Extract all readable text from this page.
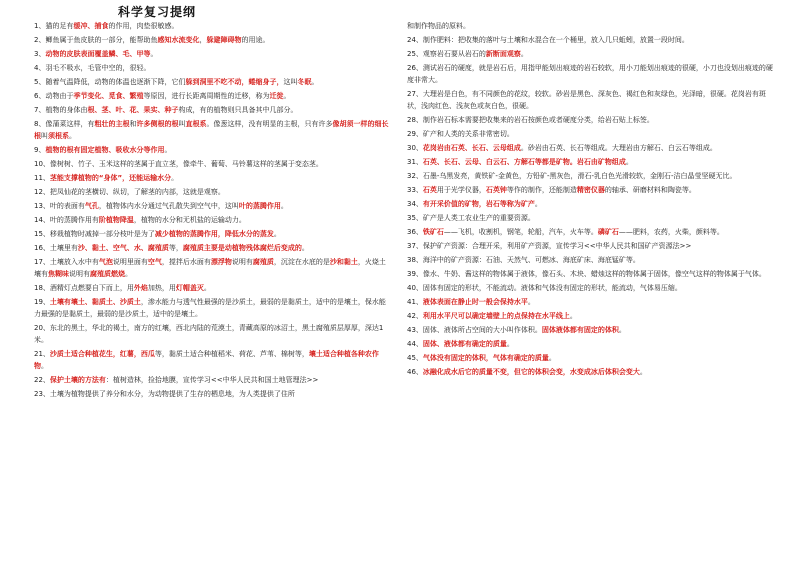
科学复习提纲
1、猫的足有缓冲、捕食的作用，肉垫很敏感。
2、鲫鱼属于鱼皮肤的一部分，能帮助鱼感知水流变化，躲避障碍物的用途。
3、动物的皮肤表面覆盖鳞、毛、甲等。
4、羽毛不吸水，毛管中空的，很轻。
5、随着气温降低，动物的体温也逐渐下降，它们躲到洞里不吃不动，蜷缩身子，这叫冬眠。
6、动物由于季节变化、觅食、繁殖等原因，进行长距离周期性的迁移，称为迁徙。
7、植物的身体由根、茎、叶、花、果实、种子构成，有的植物则只具备其中几部分。
8、像蒲菜这样，有粗壮的主根和许多侧根的根叫直根系。像葱这样，没有明显的主根，只有许多像胡须一样的细长根叫须根系。
9、植物的根有固定植物、吸收水分等作用。
10、像树树、竹子、玉米这样的茎属于直立茎，像牵牛、葡萄、马铃薯这样的茎属于变态茎。
11、茎能支撑植物的“身体”，还能运输水分。
12、把凤仙花的茎横切、纵切，了解茎的内部，这就是观察。
13、叶的表面有气孔，植物体内水分通过气孔散失到空气中，这叫叶的蒸腾作用。
14、叶的蒸腾作用有阶植物降温，植物的水分和无机盐的运输动力。
15、移栽植物时减掉一部分枝叶是为了减少植物的蒸腾作用，降低水分的蒸发。
16、土壤里有沙、黏土、空气、水、腐殖质等，腐殖质主要是动植物残体腐烂后变成的。
17、土壤放入水中有气泡说明里面有空气，搅拌后水面有漂浮物说明有腐殖质，沉淀在水底的是沙和黏土，火烧土壤有焦糊味说明有腐殖质燃烧。
18、酒精灯点燃要自下而上，用外焰加热，用灯帽盖灭。
19、土壤有壤土、黏质土、沙质土，渗水能力与透气性最强的是沙质土，最弱的是黏质土，适中的是壤土，保水能力最强的是黏质土，最弱的是沙质土，适中的是壤土。
20、东北的黑土，华北的褐土，南方的红壤，西北内陆的荒漠土，青藏高原的冰沼土，黑土腐殖质层厚厚，深达1米。
21、沙质土适合种植花生，红薯，西瓜等，黏质土适合种植稻米、荷花、芦苇、棉树等，壤土适合种植各种农作物。
22、保护土壤的方法有：植树造林，捡拾地膜，宣传学习<<中华人民共和国土地管理法>>
23、土壤为植物提供了养分和水分，为动物提供了生存的栖息地，为人类提供了住所
和制作物品的原料。
24、制作肥料：把收集的落叶与土壤和水混合在一个桶里，放入几只蚯蚓，放置一段时间。
25、观察岩石要从岩石的新断面观察。
26、测试岩石的硬度，就是岩石后，用指甲能划出痕迹的岩石较软，用小刀能划出痕迹的很硬，小刀也没划出痕迹的硬度非常大。
27、大理岩是白色，有不同颜色的花纹，较软。砂岩是黑色、深灰色、褐红色和灰绿色，光泽暗，很硬。花岗岩有斑状，浅肉红色、浅灰色或灰白色，很硬。
28、制作岩石标本需要把收集来的岩石按颜色或者硬度分类，给岩石贴上标签。
29、矿产和人类的关系非常密切。
30、花岗岩由石英、长石、云母组成。砂岩由石英、长石等组成。大理岩由方解石、白云石等组成。
31、石英、长石、云母、白云石、方解石等都是矿物。岩石由矿物组成。
32、石墨-乌黑发亮，黄铁矿-金黄色，方铅矿-黑灰色，滑石-乳白色光滑较软，金刚石-洁白晶莹坚硬无比。
33、石英用于光学仪器，石英钟等作的制作，还能制造精密仪器的轴承、研磨材料和陶瓷等。
34、有开采价值的矿物，岩石等称为矿产。
35、矿产是人类工农业生产的重要资源。
36、铁矿石——飞机，收割机，钢笔，轮船，汽车，火车等。磷矿石——肥料，农药，火柴，颜料等。
37、保护矿产资源：合理开采，利用矿产资源，宣传学习<<中华人民共和国矿产资源法>>
38、海洋中的矿产资源：石油、天然气、可燃冰、海底矿床、海底锰矿等。
39、像水、牛奶、酱这样的物体属于液体，像石头、木块、蜡烛这样的物体属于固体，像空气这样的物体属于气体。
40、固体有固定的形状，不能流动。液体和气体没有固定的形状，能流动，气体易压缩。
41、液体表面在静止时一般会保持水平。
42、利用水平尺可以确定墙壁上的点保持在水平线上。
43、固体、液体所占空间的大小叫作体积。固体液体都有固定的体积。
44、固体、液体都有确定的质量。
45、气体没有固定的体积，气体有确定的质量。
46、冰融化成水后它的质量不变，但它的体积会变，水变成冰后体积会变大。
